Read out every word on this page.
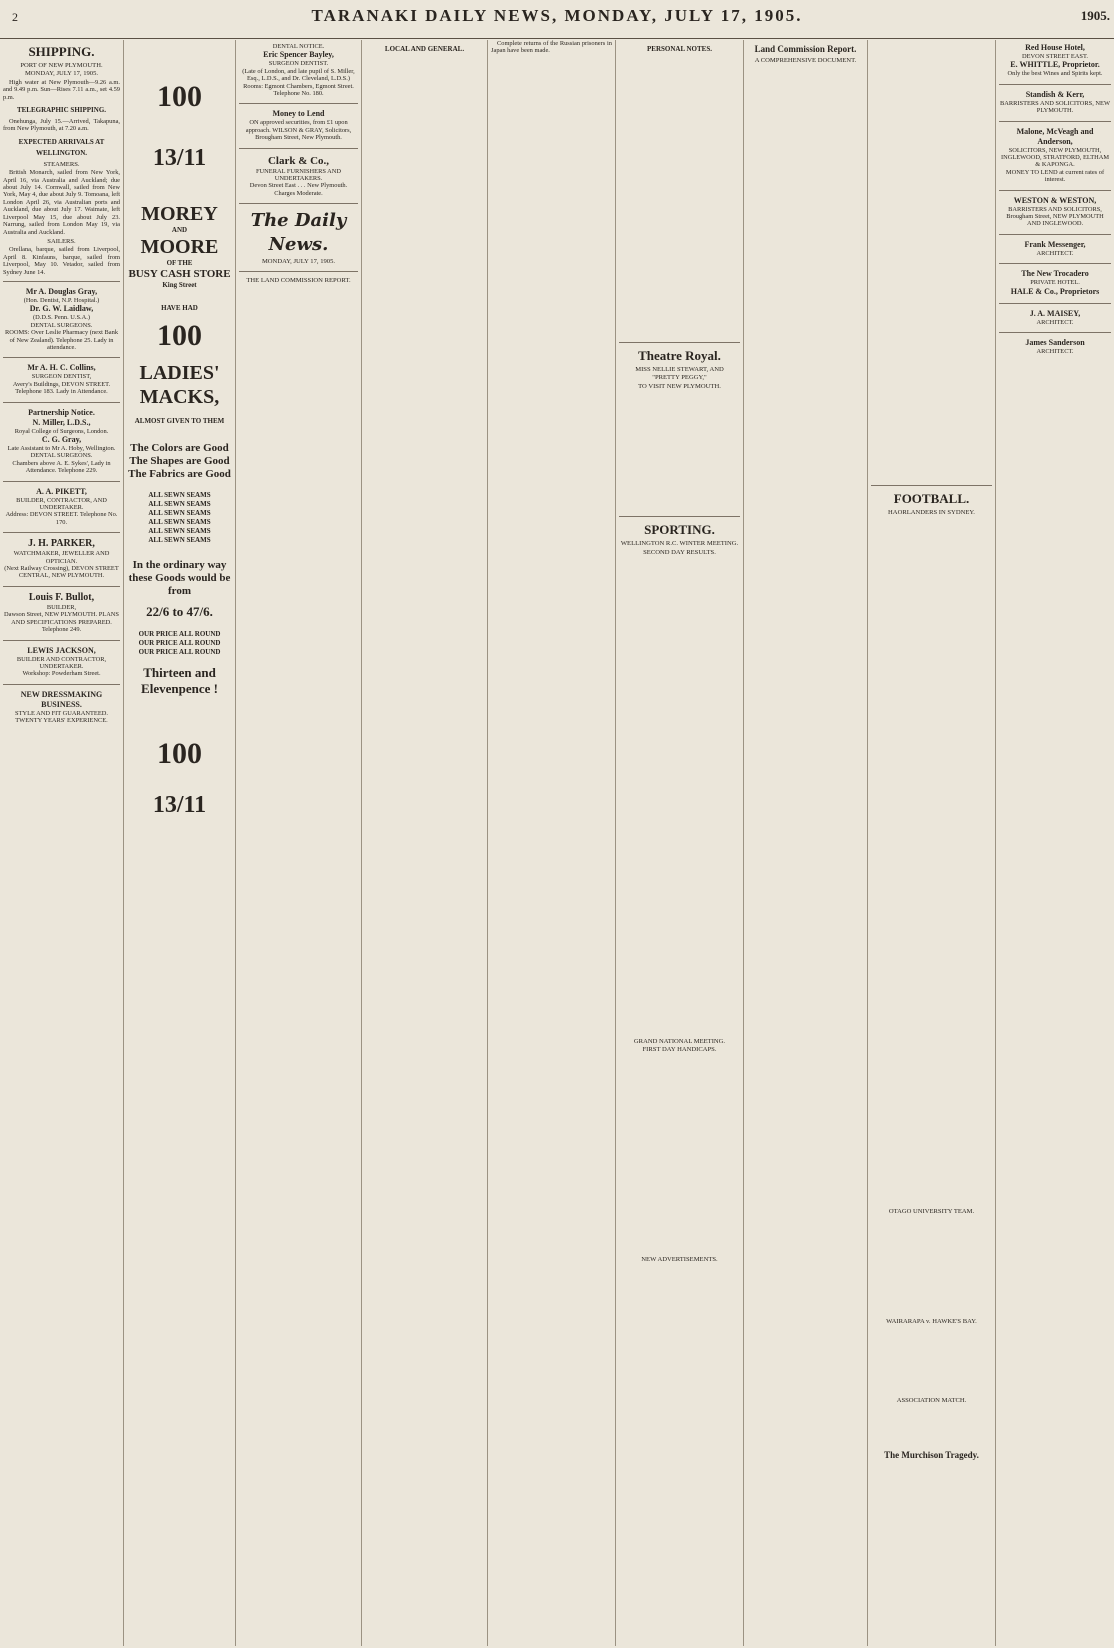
2	TARANAKI DAILY NEWS, MONDAY, JULY 17, 1905.
SHIPPING.
PORT OF NEW PLYMOUTH.
MONDAY, JULY 17, 1905.
High water at New Plymouth—9.26 a.m. and 9.49 p.m. Sun—Rises 7.11 a.m., set 4.59 p.m.
TELEGRAPHIC SHIPPING.
Onehunga, July 15.—Arrived, Takapuna, from New Plymouth, at 7.20 a.m.
EXPECTED ARRIVALS AT WELLINGTON.
STEAMERS.
British Monarch, sailed from New York, April 16, via Australia and Auckland; due about July 14. Cornwall, sailed from New York, May 4, due about July 9. Tomoana, left London April 26, via Australian ports and Auckland, due about July 17. Waimate, left Liverpool May 15, due about July 23. Narrung, sailed from London May 19, via Australia and Auckland.
SAILERS.
Orellana, barque, sailed from Liverpool, April 8. Kinfauns, barque, sailed from Liverpool, May 10. Vetador, sailed from Sydney June 14.
Mr A. Douglas Gray,
(Hon. Dentist, N.P. Hospital.)
Dr. G. W. Laidlaw,
(D.D.S. Penn. U.S.A.)
DENTAL SURGEONS.
ROOMS: Over Leslie Pharmacy (next Bank of New Zealand). Telephone 25. Lady in attendance.
Mr A. H. C. Collins,
SURGEON DENTIST,
Avery's Buildings, DEVON STREET. Telephone 183. Lady in Attendance.
Partnership Notice.
N. Miller, L.D.S.,
Royal College of Surgeons, London.
C. G. Gray,
Late Assistant to Mr A. Hoby, Wellington.
DENTAL SURGEONS.
Chambers above A. E. Sykes', Lady in Attendance. Telephone 229.
A. A. PIKETT,
BUILDER, CONTRACTOR, AND UNDERTAKER.
Address: DEVON STREET. Telephone No. 170.
J. H. PARKER,
WATCHMAKER, JEWELLER AND OPTICIAN.
(Next Railway Crossing), DEVON STREET CENTRAL, NEW PLYMOUTH.
Louis F. Bullot,
BUILDER,
Dawson Street, NEW PLYMOUTH. PLANS AND SPECIFICATIONS PREPARED. Telephone 249.
LEWIS JACKSON,
BUILDER AND CONTRACTOR, UNDERTAKER.
Workshop: Powderham Street.
NEW DRESSMAKING BUSINESS.
STYLE AND FIT GUARANTEED. TWENTY YEARS' EXPERIENCE.
100
13/11
MOREY
AND
MOORE
OF THE
BUSY CASH STORE
King Street
HAVE HAD
100
LADIES' MACKS,
ALMOST GIVEN TO THEM
The Colors are Good
The Shapes are Good
The Fabrics are Good
ALL SEWN SEAMS
ALL SEWN SEAMS
ALL SEWN SEAMS
ALL SEWN SEAMS
ALL SEWN SEAMS
ALL SEWN SEAMS
In the ordinary way these Goods would be from
22/6 to 47/6.
OUR PRICE ALL ROUND
OUR PRICE ALL ROUND
OUR PRICE ALL ROUND
Thirteen and Elevenpence !
100
13/11
DENTAL NOTICE.
Eric Spencer Bayley,
SURGEON DENTIST.
(Late of London, and late pupil of S. Miller, Esq., L.D.S., and Dr. Cleveland, L.D.S.) Rooms: Egmont Chambers, Egmont Street. Telephone No. 180.
Money to Lend
ON approved securities, from £1 upon approach. WILSON & GRAY, Solicitors, Brougham Street, New Plymouth.
Clark & Co.,
FUNERAL FURNISHERS AND UNDERTAKERS.
Devon Street East . . . New Plymouth. Charges Moderate.
The Daily News.
MONDAY, JULY 17, 1905.
THE LAND COMMISSION REPORT.
LOCAL AND GENERAL.
Complete returns of the Russian prisoners in Japan have been made.	PERSONAL NOTES.
Theatre Royal.
MISS NELLIE STEWART, AND
"PRETTY PEGGY,"
TO VISIT NEW PLYMOUTH.
SPORTING.
WELLINGTON R.C. WINTER MEETING.
SECOND DAY RESULTS.
GRAND NATIONAL MEETING.
FIRST DAY HANDICAPS.
NEW ADVERTISEMENTS.
Land Commission Report.
A COMPREHENSIVE DOCUMENT.
FOOTBALL.
HAORLANDERS IN SYDNEY.
OTAGO UNIVERSITY TEAM.
WAIRARAPA v. HAWKE'S BAY.
ASSOCIATION MATCH.
The Murchison Tragedy.
1905.
Red House Hotel,
DEVON STREET EAST.
E. WHITTLE, Proprietor.
Only the best Wines and Spirits kept.
Standish & Kerr,
BARRISTERS AND SOLICITORS, NEW PLYMOUTH.
Malone, McVeagh and Anderson,
SOLICITORS, NEW PLYMOUTH, INGLEWOOD, STRATFORD, ELTHAM & KAPONGA.
MONEY TO LEND at current rates of interest.
WESTON & WESTON,
BARRISTERS AND SOLICITORS, Brougham Street, NEW PLYMOUTH AND INGLEWOOD.
Frank Messenger,
ARCHITECT.
The New Trocadero
PRIVATE HOTEL.
HALE & Co., Proprietors
J. A. MAISEY,
ARCHITECT.
James Sanderson
ARCHITECT.
